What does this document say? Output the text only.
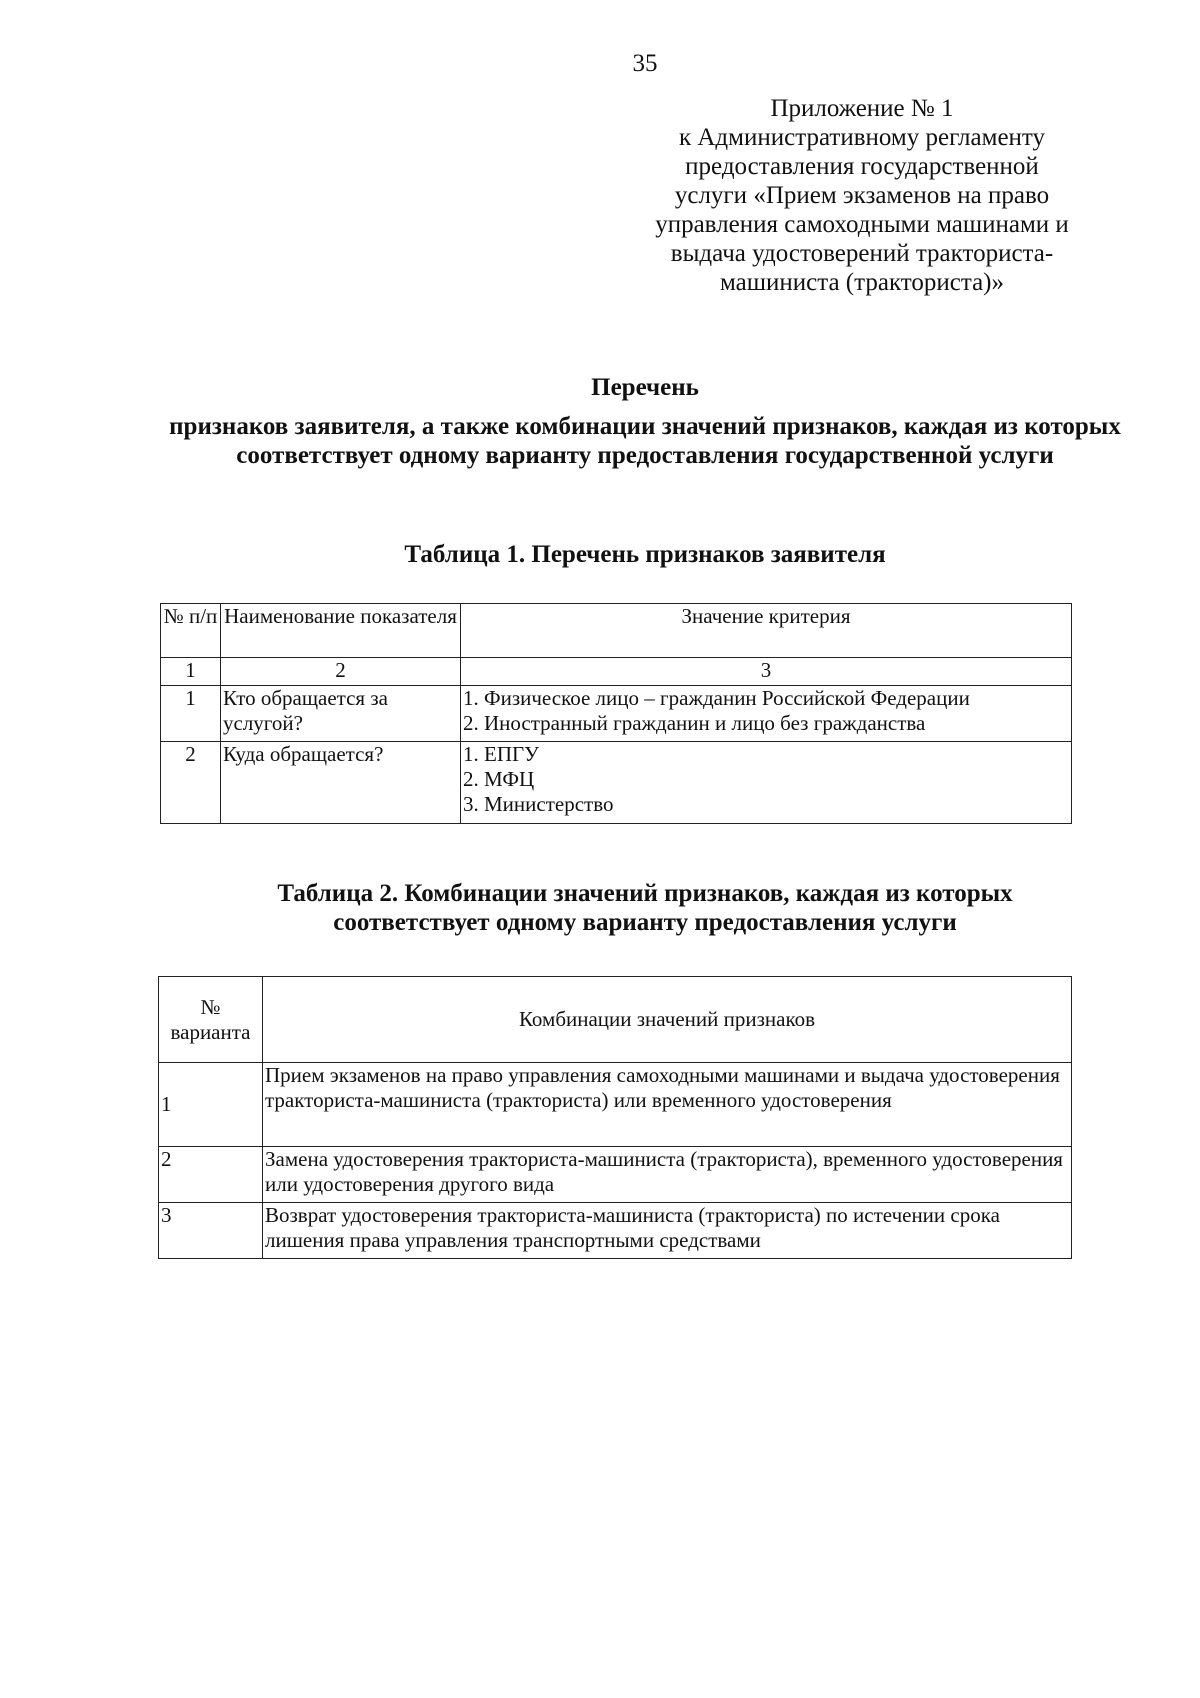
35
Приложение № 1
к Административному регламенту
предоставления государственной
услуги «Прием экзаменов на право
управления самоходными машинами и
выдача удостоверений тракториста-
машиниста (тракториста)»
Перечень
признаков заявителя, а также комбинации значений признаков, каждая из которых соответствует одному варианту предоставления государственной услуги
Таблица 1. Перечень признаков заявителя
№ п/п	Наименование показателя	Значение критерия
1	2	3
1	Кто обращается за услугой?	1. Физическое лицо – гражданин Российской Федерации
2. Иностранный гражданин и лицо без гражданства

2	Куда обращается?	1. ЕПГУ
2. МФЦ
3. Министерство
Таблица 2. Комбинации значений признаков, каждая из которых соответствует одному варианту предоставления услуги
№ варианта	Комбинации значений признаков
1	Прием экзаменов на право управления самоходными машинами и выдача удостоверения тракториста-машиниста (тракториста) или временного удостоверения
2	Замена удостоверения тракториста-машиниста (тракториста), временного удостоверения или удостоверения другого вида
3	Возврат удостоверения тракториста-машиниста (тракториста) по истечении срока лишения права управления транспортными средствами
